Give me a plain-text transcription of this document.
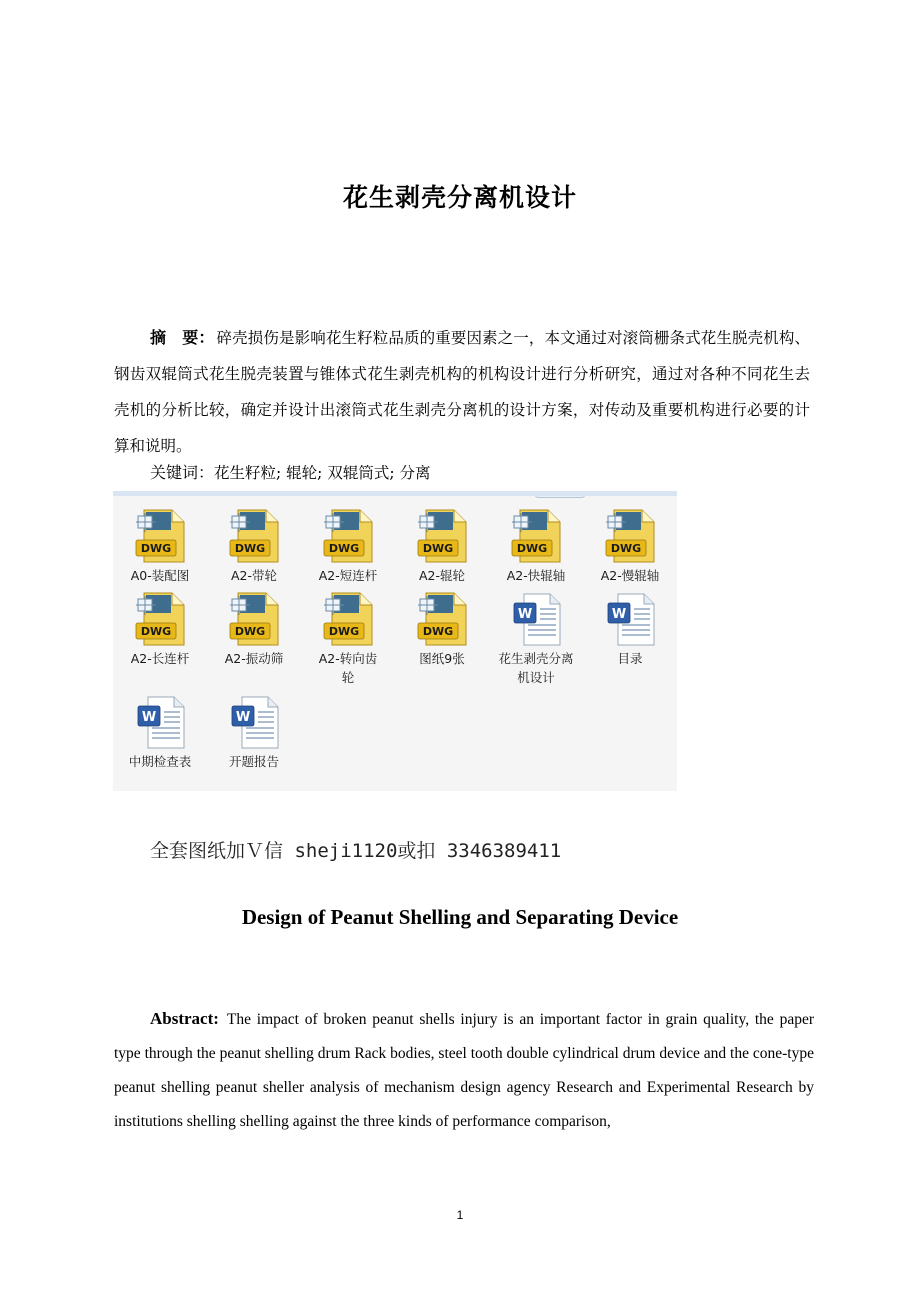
花生剥壳分离机设计
摘　要： 碎壳损伤是影响花生籽粒品质的重要因素之一，本文通过对滚筒栅条式花生脱壳机构、钢齿双辊筒式花生脱壳装置与锥体式花生剥壳机构的机构设计进行分析研究，通过对各种不同花生去壳机的分析比较，确定并设计出滚筒式花生剥壳分离机的设计方案，对传动及重要机构进行必要的计算和说明。
关键词：花生籽粒; 辊轮; 双辊筒式; 分离
DWG
A0-装配图
DWG
A2-带轮
DWG
A2-短连杆
DWG
A2-辊轮
DWG
A2-快辊轴
DWG
A2-慢辊轴
DWG
A2-长连杆
DWG
A2-振动筛
DWG
A2-转向齿轮
DWG
图纸9张
W
花生剥壳分离机设计
W
目录
W
中期检查表
W
开题报告
全套图纸加Ｖ信 sheji1120或扣 3346389411
Design of Peanut Shelling and Separating Device
Abstract: The impact of broken peanut shells injury is an important factor in grain quality, the paper type through the peanut shelling drum Rack bodies, steel tooth double cylindrical drum device and the cone-type peanut shelling peanut sheller analysis of mechanism design agency Research and Experimental Research by institutions shelling shelling against the three kinds of performance comparison,
1
